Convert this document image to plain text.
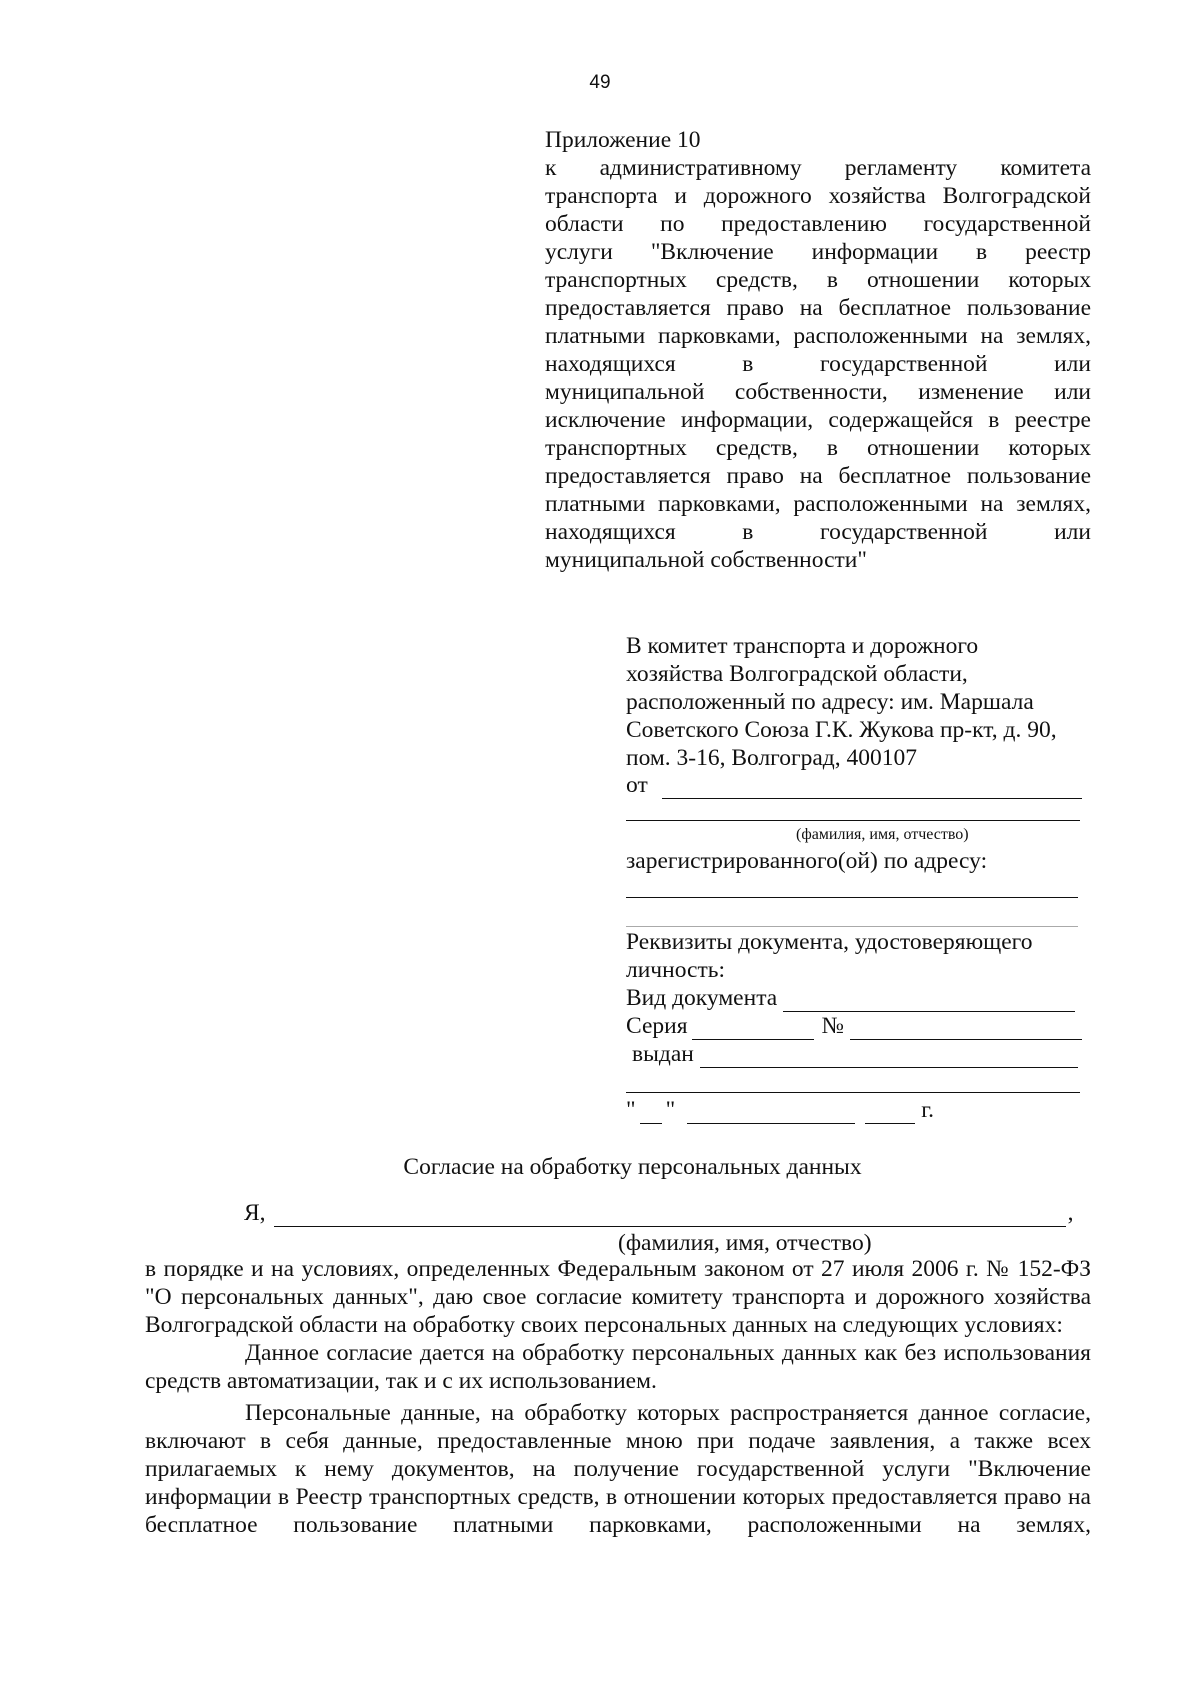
49
Приложение 10
к административному регламенту комитета
транспорта и дорожного хозяйства Волгоградской
области по предоставлению государственной
услуги "Включение информации в реестр
транспортных средств, в отношении которых
предоставляется право на бесплатное пользование
платными парковками, расположенными на землях,
находящихся в государственной или
муниципальной собственности, изменение или
исключение информации, содержащейся в реестре
транспортных средств, в отношении которых
предоставляется право на бесплатное пользование
платными парковками, расположенными на землях,
находящихся в государственной или
муниципальной собственности"
В комитет транспорта и дорожного
хозяйства Волгоградской области,
расположенный по адресу: им. Маршала
Советского Союза Г.К. Жукова пр-кт, д. 90,
пом. 3-16, Волгоград, 400107
от
(фамилия, имя, отчество)
зарегистрированного(ой) по адресу:
Реквизиты документа, удостоверяющего
личность:
Вид документа
Серия	№
выдан
" "	г.
Согласие на обработку персональных данных
Я,	,
(фамилия, имя, отчество)

в порядке и на условиях, определенных Федеральным законом от 27 июля 2006 г. № 152-ФЗ "О персональных данных", даю свое согласие комитету транспорта и дорожного хозяйства Волгоградской области на обработку своих персональных данных на следующих условиях:

Данное согласие дается на обработку персональных данных как без использования средств автоматизации, так и с их использованием.

Персональные данные, на обработку которых распространяется данное согласие, включают в себя данные, предоставленные мною при подаче заявления, а также всех прилагаемых к нему документов, на получение государственной услуги "Включение информации в Реестр транспортных средств, в отношении которых предоставляется право на бесплатное пользование платными парковками, расположенными на землях,
